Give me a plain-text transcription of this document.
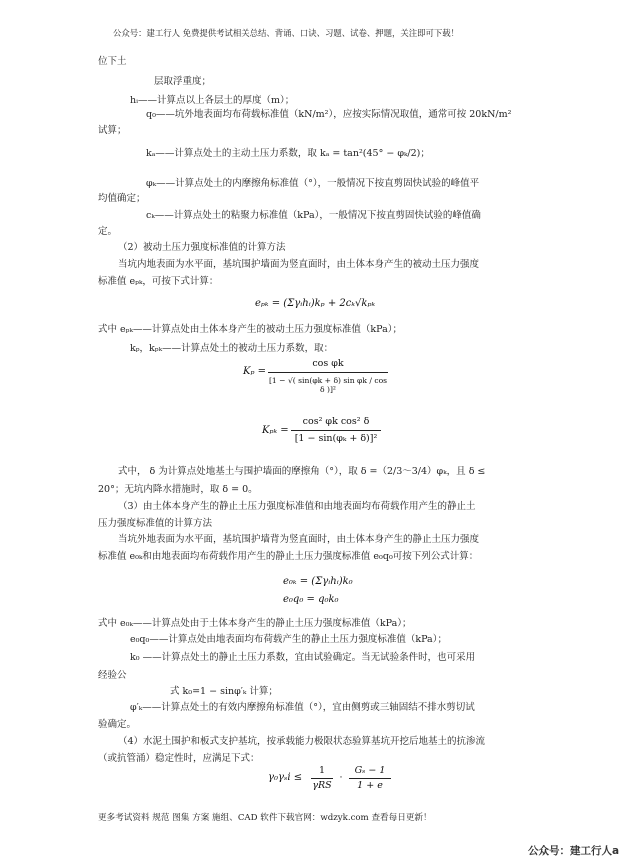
公众号：建工行人 免费提供考试相关总结、背诵、口诀、习题、试卷、押题，关注即可下载！
位下土
层取浮重度；
hᵢ——计算点以上各层土的厚度（m）；
q₀——坑外地表面均布荷载标准值（kN/m²），应按实际情况取值，通常可按 20kN/m²
试算；
kₐ——计算点处土的主动土压力系数，取 kₐ = tan²(45° − φₖ/2)；
φₖ——计算点处土的内摩擦角标准值（°），一般情况下按直剪固快试验的峰值平
均值确定；
cₖ——计算点处土的粘聚力标准值（kPa），一般情况下按直剪固快试验的峰值确
定。
（2）被动土压力强度标准值的计算方法
当坑内地表面为水平面，基坑围护墙面为竖直面时，由土体本身产生的被动土压力强度
标准值 eₚₖ，可按下式计算：
eₚₖ = (Σγᵢhᵢ)kₚ + 2cₖ√kₚₖ
式中 eₚₖ——计算点处由土体本身产生的被动土压力强度标准值（kPa）；
kₚ，kₚₖ——计算点处土的被动土压力系数，取：
Kₚ =
cos φk
[1 − √( sin(φk + δ) sin φk / cos δ )]²
Kₚₖ =
cos² φk cos² δ
[1 − sin(φₖ + δ)]²
式中， δ 为计算点处地基土与围护墙面的摩擦角（°），取 δ =（2/3～3/4）φₖ，且 δ ≤
20°；无坑内降水措施时，取 δ = 0。
（3）由土体本身产生的静止土压力强度标准值和由地表面均布荷载作用产生的静止土
压力强度标准值的计算方法
当坑外地表面为水平面，基坑围护墙背为竖直面时，由土体本身产生的静止土压力强度
标准值 e₀ₖ和由地表面均布荷载作用产生的静止土压力强度标准值 e₀q₀可按下列公式计算：
e₀ₖ = (Σγᵢhᵢ)k₀
e₀q₀ = q₀k₀
式中 e₀ₖ——计算点处由于土体本身产生的静止土压力强度标准值（kPa）；
e₀q₀——计算点处由地表面均布荷载产生的静止土压力强度标准值（kPa）；
k₀ ——计算点处土的静止土压力系数，宜由试验确定。当无试验条件时，也可采用
经验公
式 k₀=1 − sinφ′ₖ 计算；
φ′ₖ——计算点处土的有效内摩擦角标准值（°），宜由侧剪或三轴固结不排水剪切试
验确定。
（4）水泥土围护和板式支护基坑，按承载能力极限状态验算基坑开挖后地基土的抗渗流
（或抗管涌）稳定性时，应满足下式：
γ₀γₛi ≤
1
γRS
·
Gₛ − 1
1 + e
更多考试资料 规范 图集 方案 施组、CAD 软件下载官网：wdzyk.com 查看每日更新！
公众号：建工行人a
